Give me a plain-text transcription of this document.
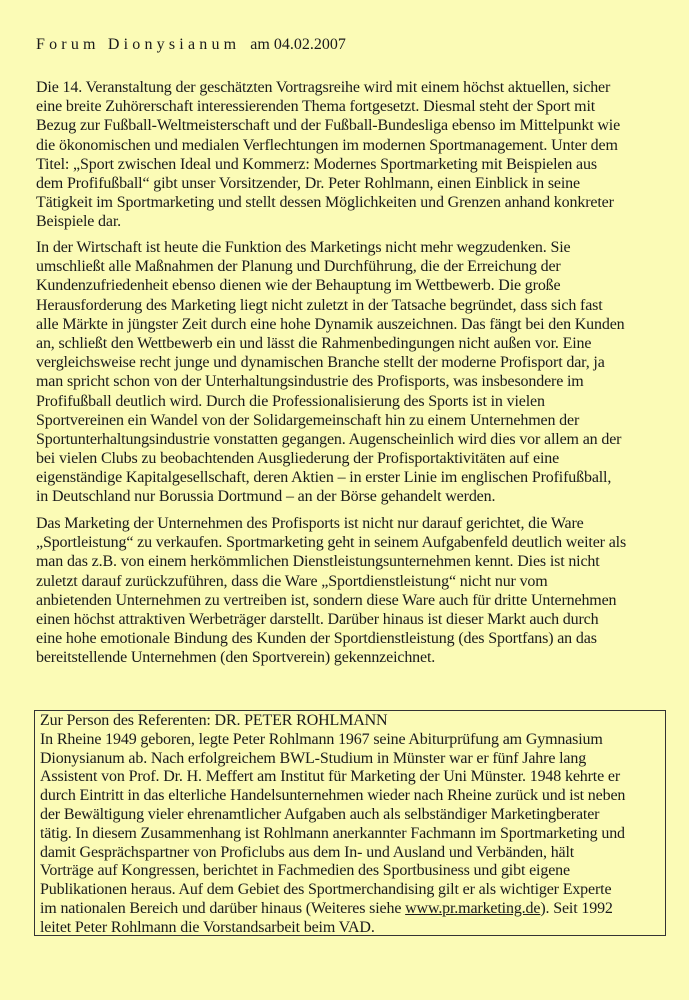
Forum Dionysianum am 04.02.2007
Die 14. Veranstaltung der geschätzten Vortragsreihe wird mit einem höchst aktuellen, sicher
eine breite Zuhörerschaft interessierenden Thema fortgesetzt. Diesmal steht der Sport mit
Bezug zur Fußball-Weltmeisterschaft und der Fußball-Bundesliga ebenso im Mittelpunkt wie
die ökonomischen und medialen Verflechtungen im modernen Sportmanagement. Unter dem
Titel: „Sport zwischen Ideal und Kommerz: Modernes Sportmarketing mit Beispielen aus
dem Profifußball“ gibt unser Vorsitzender, Dr. Peter Rohlmann, einen Einblick in seine
Tätigkeit im Sportmarketing und stellt dessen Möglichkeiten und Grenzen anhand konkreter
Beispiele dar.
In der Wirtschaft ist heute die Funktion des Marketings nicht mehr wegzudenken. Sie
umschließt alle Maßnahmen der Planung und Durchführung, die der Erreichung der
Kundenzufriedenheit ebenso dienen wie der Behauptung im Wettbewerb. Die große
Herausforderung des Marketing liegt nicht zuletzt in der Tatsache begründet, dass sich fast
alle Märkte in jüngster Zeit durch eine hohe Dynamik auszeichnen. Das fängt bei den Kunden
an, schließt den Wettbewerb ein und lässt die Rahmenbedingungen nicht außen vor. Eine
vergleichsweise recht junge und dynamischen Branche stellt der moderne Profisport dar, ja
man spricht schon von der Unterhaltungsindustrie des Profisports, was insbesondere im
Profifußball deutlich wird. Durch die Professionalisierung des Sports ist in vielen
Sportvereinen ein Wandel von der Solidargemeinschaft hin zu einem Unternehmen der
Sportunterhaltungsindustrie vonstatten gegangen. Augenscheinlich wird dies vor allem an der
bei vielen Clubs zu beobachtenden Ausgliederung der Profisportaktivitäten auf eine
eigenständige Kapitalgesellschaft, deren Aktien – in erster Linie im englischen Profifußball,
in Deutschland nur Borussia Dortmund – an der Börse gehandelt werden.
Das Marketing der Unternehmen des Profisports ist nicht nur darauf gerichtet, die Ware
„Sportleistung“ zu verkaufen. Sportmarketing geht in seinem Aufgabenfeld deutlich weiter als
man das z.B. von einem herkömmlichen Dienstleistungsunternehmen kennt. Dies ist nicht
zuletzt darauf zurückzuführen, dass die Ware „Sportdienstleistung“ nicht nur vom
anbietenden Unternehmen zu vertreiben ist, sondern diese Ware auch für dritte Unternehmen
einen höchst attraktiven Werbeträger darstellt. Darüber hinaus ist dieser Markt auch durch
eine hohe emotionale Bindung des Kunden der Sportdienstleistung (des Sportfans) an das
bereitstellende Unternehmen (den Sportverein) gekennzeichnet.
Zur Person des Referenten: DR. PETER ROHLMANN
In Rheine 1949 geboren, legte Peter Rohlmann 1967 seine Abiturprüfung am Gymnasium
Dionysianum ab. Nach erfolgreichem BWL-Studium in Münster war er fünf Jahre lang
Assistent von Prof. Dr. H. Meffert am Institut für Marketing der Uni Münster. 1948 kehrte er
durch Eintritt in das elterliche Handelsunternehmen wieder nach Rheine zurück und ist neben
der Bewältigung vieler ehrenamtlicher Aufgaben auch als selbständiger Marketingberater
tätig. In diesem Zusammenhang ist Rohlmann anerkannter Fachmann im Sportmarketing und
damit Gesprächspartner von Proficlubs aus dem In- und Ausland und Verbänden, hält
Vorträge auf Kongressen, berichtet in Fachmedien des Sportbusiness und gibt eigene
Publikationen heraus. Auf dem Gebiet des Sportmerchandising gilt er als wichtiger Experte
im nationalen Bereich und darüber hinaus (Weiteres siehe www.pr.marketing.de). Seit 1992
leitet Peter Rohlmann die Vorstandsarbeit beim VAD.
